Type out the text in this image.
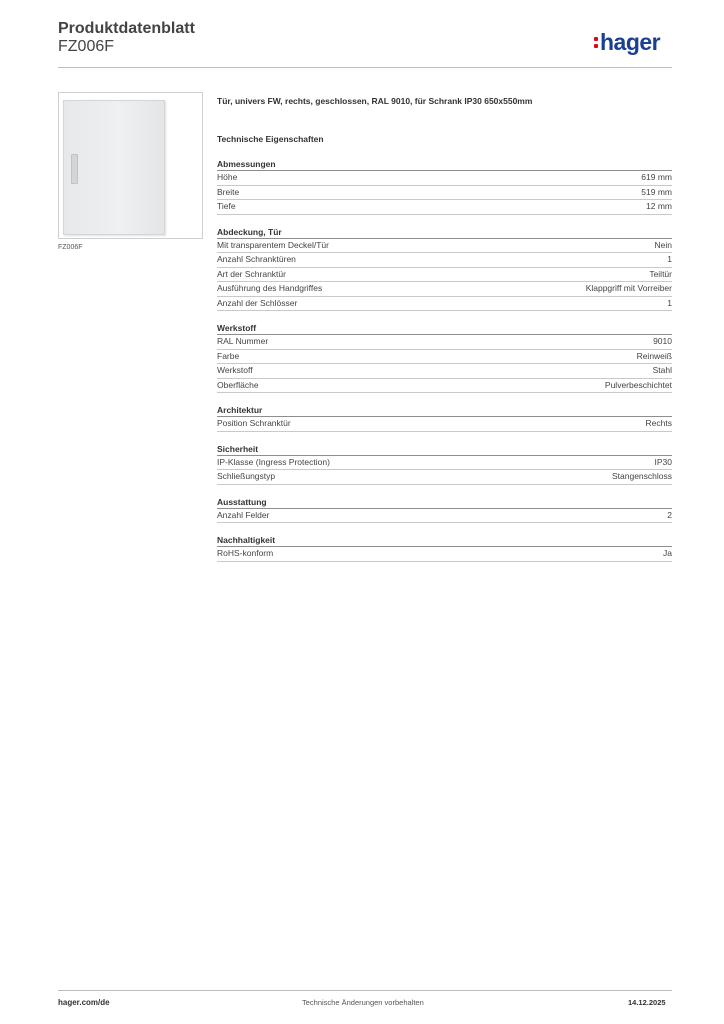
Produktdatenblatt
FZ006F	hager
FZ006F
Tür, univers FW, rechts, geschlossen, RAL 9010, für Schrank IP30 650x550mm
Technische Eigenschaften
Abmessungen
Höhe	619 mm
Breite	519 mm
Tiefe	12 mm
Abdeckung, Tür
Mit transparentem Deckel/Tür	Nein
Anzahl Schranktüren	1
Art der Schranktür	Teiltür
Ausführung des Handgriffes	Klappgriff mit Vorreiber
Anzahl der Schlösser	1
Werkstoff
RAL Nummer	9010
Farbe	Reinweiß
Werkstoff	Stahl
Oberfläche	Pulverbeschichtet
Architektur
Position Schranktür	Rechts
Sicherheit
IP-Klasse (Ingress Protection)	IP30
Schließungstyp	Stangenschloss
Ausstattung
Anzahl Felder	2
Nachhaltigkeit
RoHS-konform	Ja
hager.com/de	Technische Änderungen vorbehalten	14.12.2025
